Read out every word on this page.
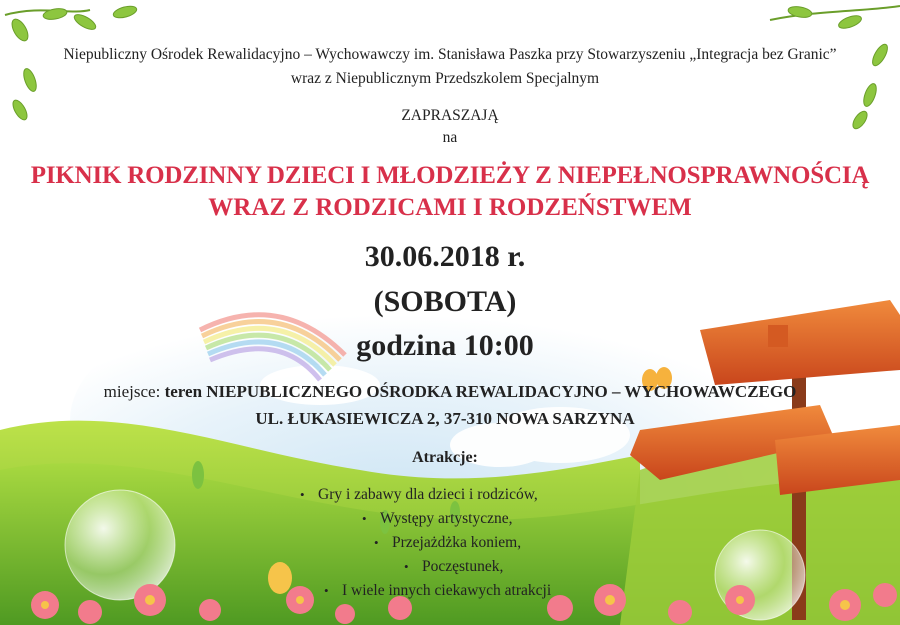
Niepubliczny Ośrodek Rewalidacyjno – Wychowawczy im. Stanisława Paszka przy Stowarzyszeniu „Integracja bez Granic”
wraz z Niepublicznym Przedszkolem Specjalnym
ZAPRASZAJĄ
na
PIKNIK RODZINNY DZIECI I MŁODZIEŻY Z NIEPEŁNOSPRAWNOŚCIĄ
WRAZ Z RODZICAMI I RODZEŃSTWEM
30.06.2018 r.
(SOBOTA)
godzina 10:00
miejsce: teren NIEPUBLICZNEGO OŚRODKA REWALIDACYJNO – WYCHOWAWCZEGO
UL. ŁUKASIEWICZA 2, 37-310 NOWA SARZYNA
Atrakcje:
• Gry i zabawy dla dzieci i rodziców,
• Występy artystyczne,
• Przejażdżka koniem,
• Poczęstunek,
• I wiele innych ciekawych atrakcji
